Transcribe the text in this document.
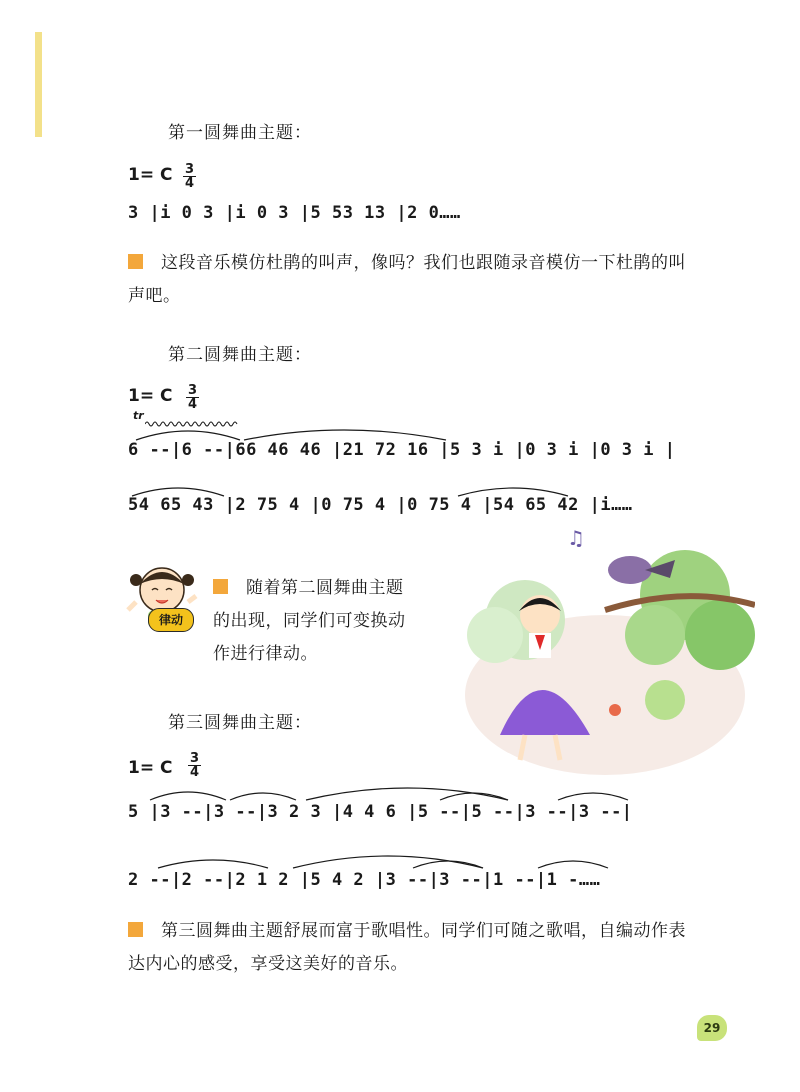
第一圆舞曲主题：
1= C 3
4
3 |i 0 3 |i 0 3 |5 53 13 |2 0……
这段音乐模仿杜鹃的叫声，像吗？我们也跟随录音模仿一下杜鹃的叫声吧。
第二圆舞曲主题：
1= C 3
4
tr
6 --|6 --|66 46 46 |21 72 16 |5 3 i |0 3 i |0 3 i |
54 65 43 |2 75 4 |0 75 4 |0 75 4 |54 65 42 |i……
律动
随着第二圆舞曲主题的出现，同学们可变换动作进行律动。
♫
第三圆舞曲主题：
1= C 3
4
5 |3 --|3 --|3 2 3 |4 4 6 |5 --|5 --|3 --|3 --|
2 --|2 --|2 1 2 |5 4 2 |3 --|3 --|1 --|1 -……
第三圆舞曲主题舒展而富于歌唱性。同学们可随之歌唱，自编动作表达内心的感受，享受这美好的音乐。
29
